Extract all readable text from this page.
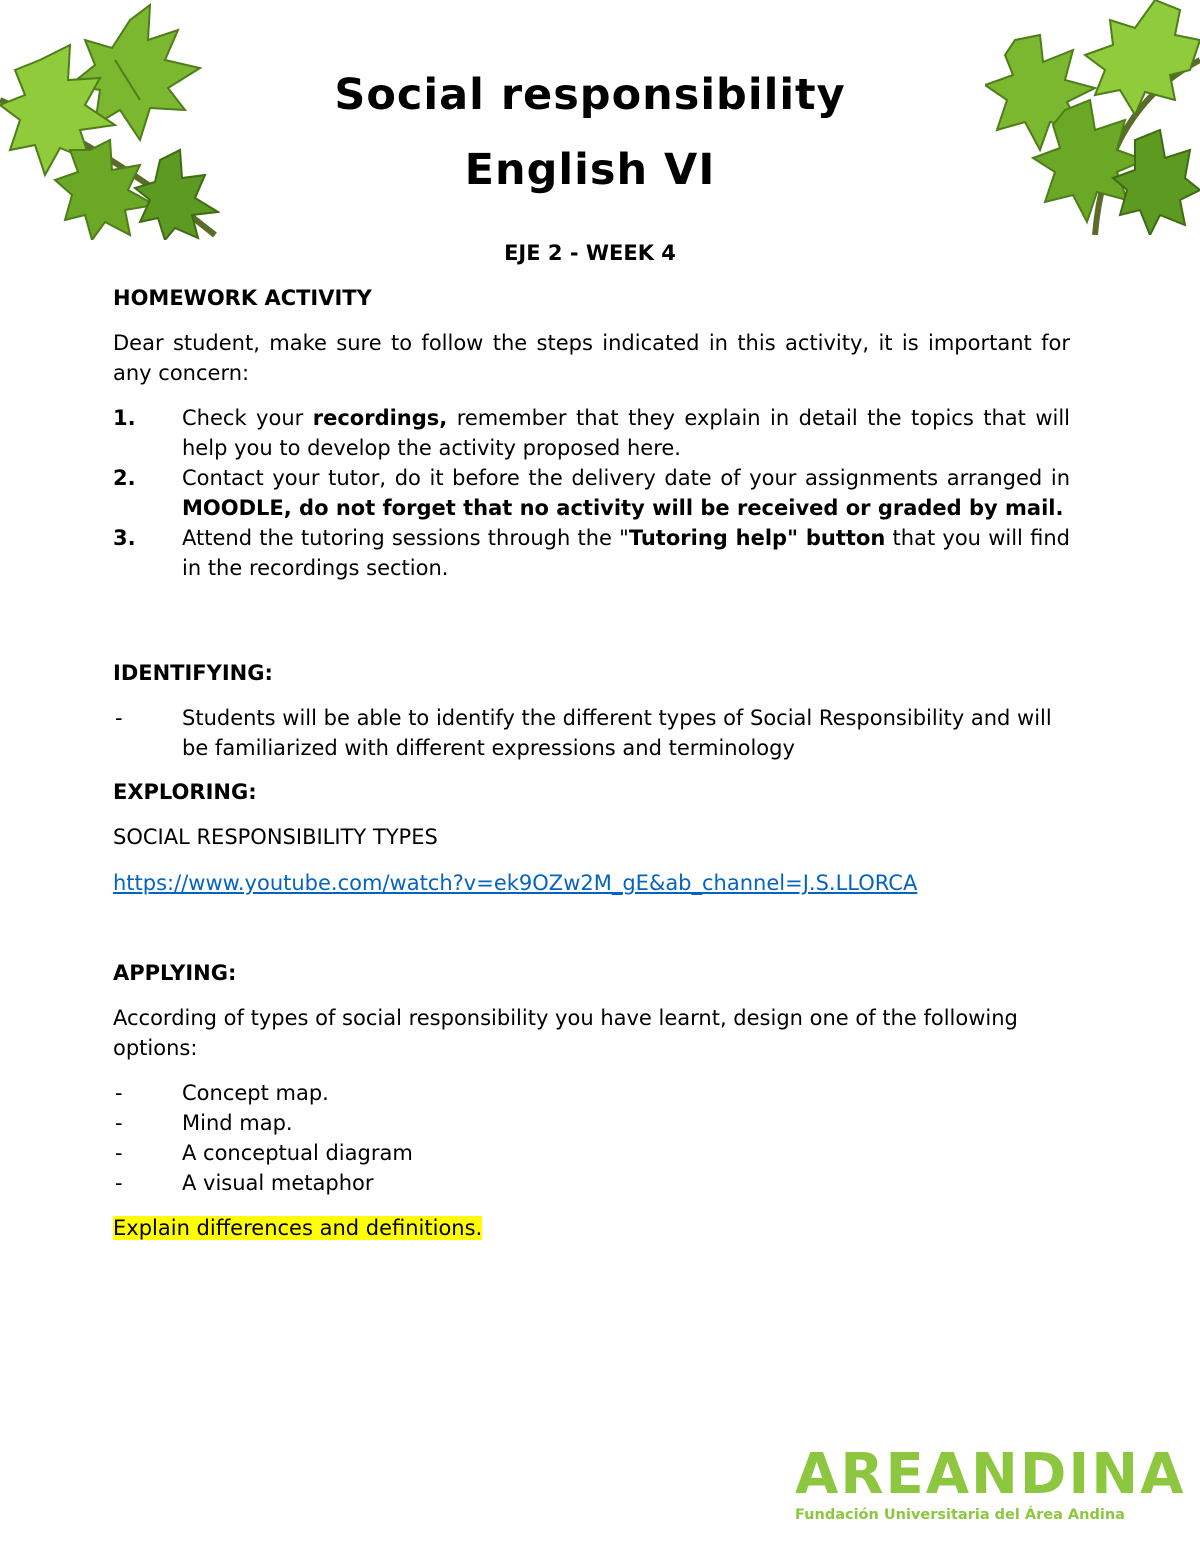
Social responsibility
English VI
EJE 2 - WEEK 4

HOMEWORK ACTIVITY

Dear student, make sure to follow the steps indicated in this activity, it is important for any concern:

1. Check your recordings, remember that they explain in detail the topics that will help you to develop the activity proposed here.
2. Contact your tutor, do it before the delivery date of your assignments arranged in MOODLE, do not forget that no activity will be received or graded by mail.
3. Attend the tutoring sessions through the "Tutoring help" button that you will find in the recordings section.

IDENTIFYING:

-	Students will be able to identify the different types of Social Responsibility and will be familiarized with different expressions and terminology

EXPLORING:

SOCIAL RESPONSIBILITY TYPES

https://www.youtube.com/watch?v=ek9OZw2M_gE&ab_channel=J.S.LLORCA

APPLYING:

According of types of social responsibility you have learnt, design one of the following options:

-	Concept map.
-	Mind map.
-	A conceptual diagram
-	A visual metaphor

Explain differences and definitions.

AREANDINA
Fundación Universitaria del Área Andina
